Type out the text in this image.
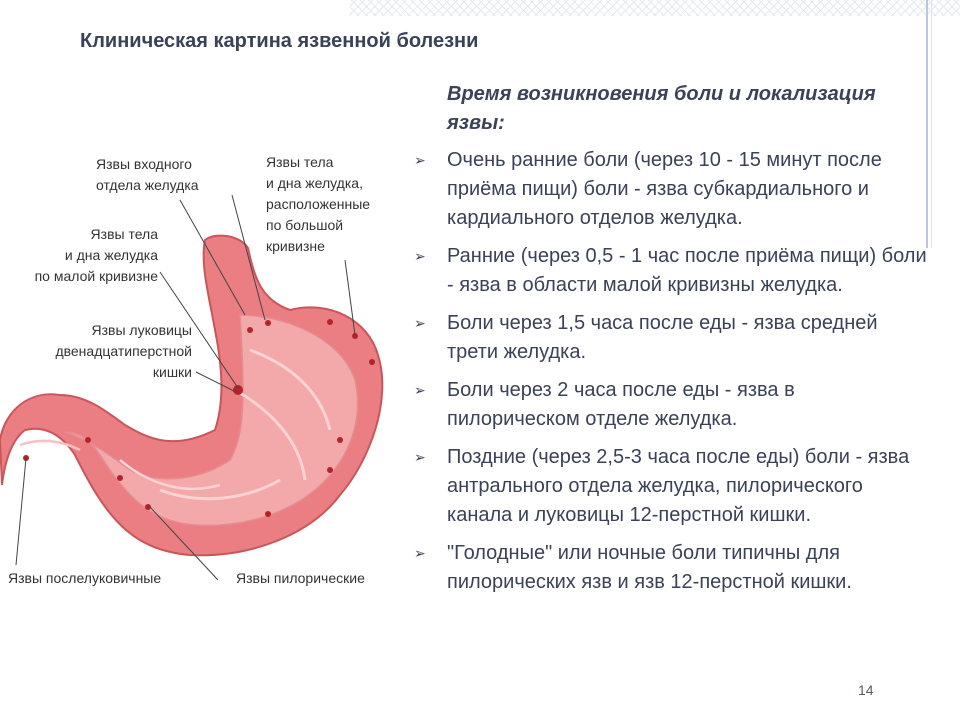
Клиническая картина язвенной болезни

Время возникновения боли и локализация язвы:

➢ Очень ранние боли (через 10 - 15 минут после приёма пищи) боли - язва субкардиального и кардиального отделов желудка.
➢ Ранние (через 0,5 - 1 час после приёма пищи) боли - язва в области малой кривизны желудка.
➢ Боли через 1,5 часа после еды - язва средней трети желудка.
➢ Боли через 2 часа после еды - язва в пилорическом отделе желудка.
➢ Поздние (через 2,5-3 часа после еды) боли - язва антрального отдела желудка, пилорического канала и луковицы 12-перстной кишки.
➢ "Голодные" или ночные боли типичны для пилорических язв и язв 12-перстной кишки.
Язвы входного
отдела желудка
Язвы тела
и дна желудка,
расположенные
по большой
кривизне
Язвы тела
и дна желудка
по малой кривизне
Язвы луковицы
двенадцатиперстной
кишки
Язвы послелуковичные	Язвы пилорические
14
